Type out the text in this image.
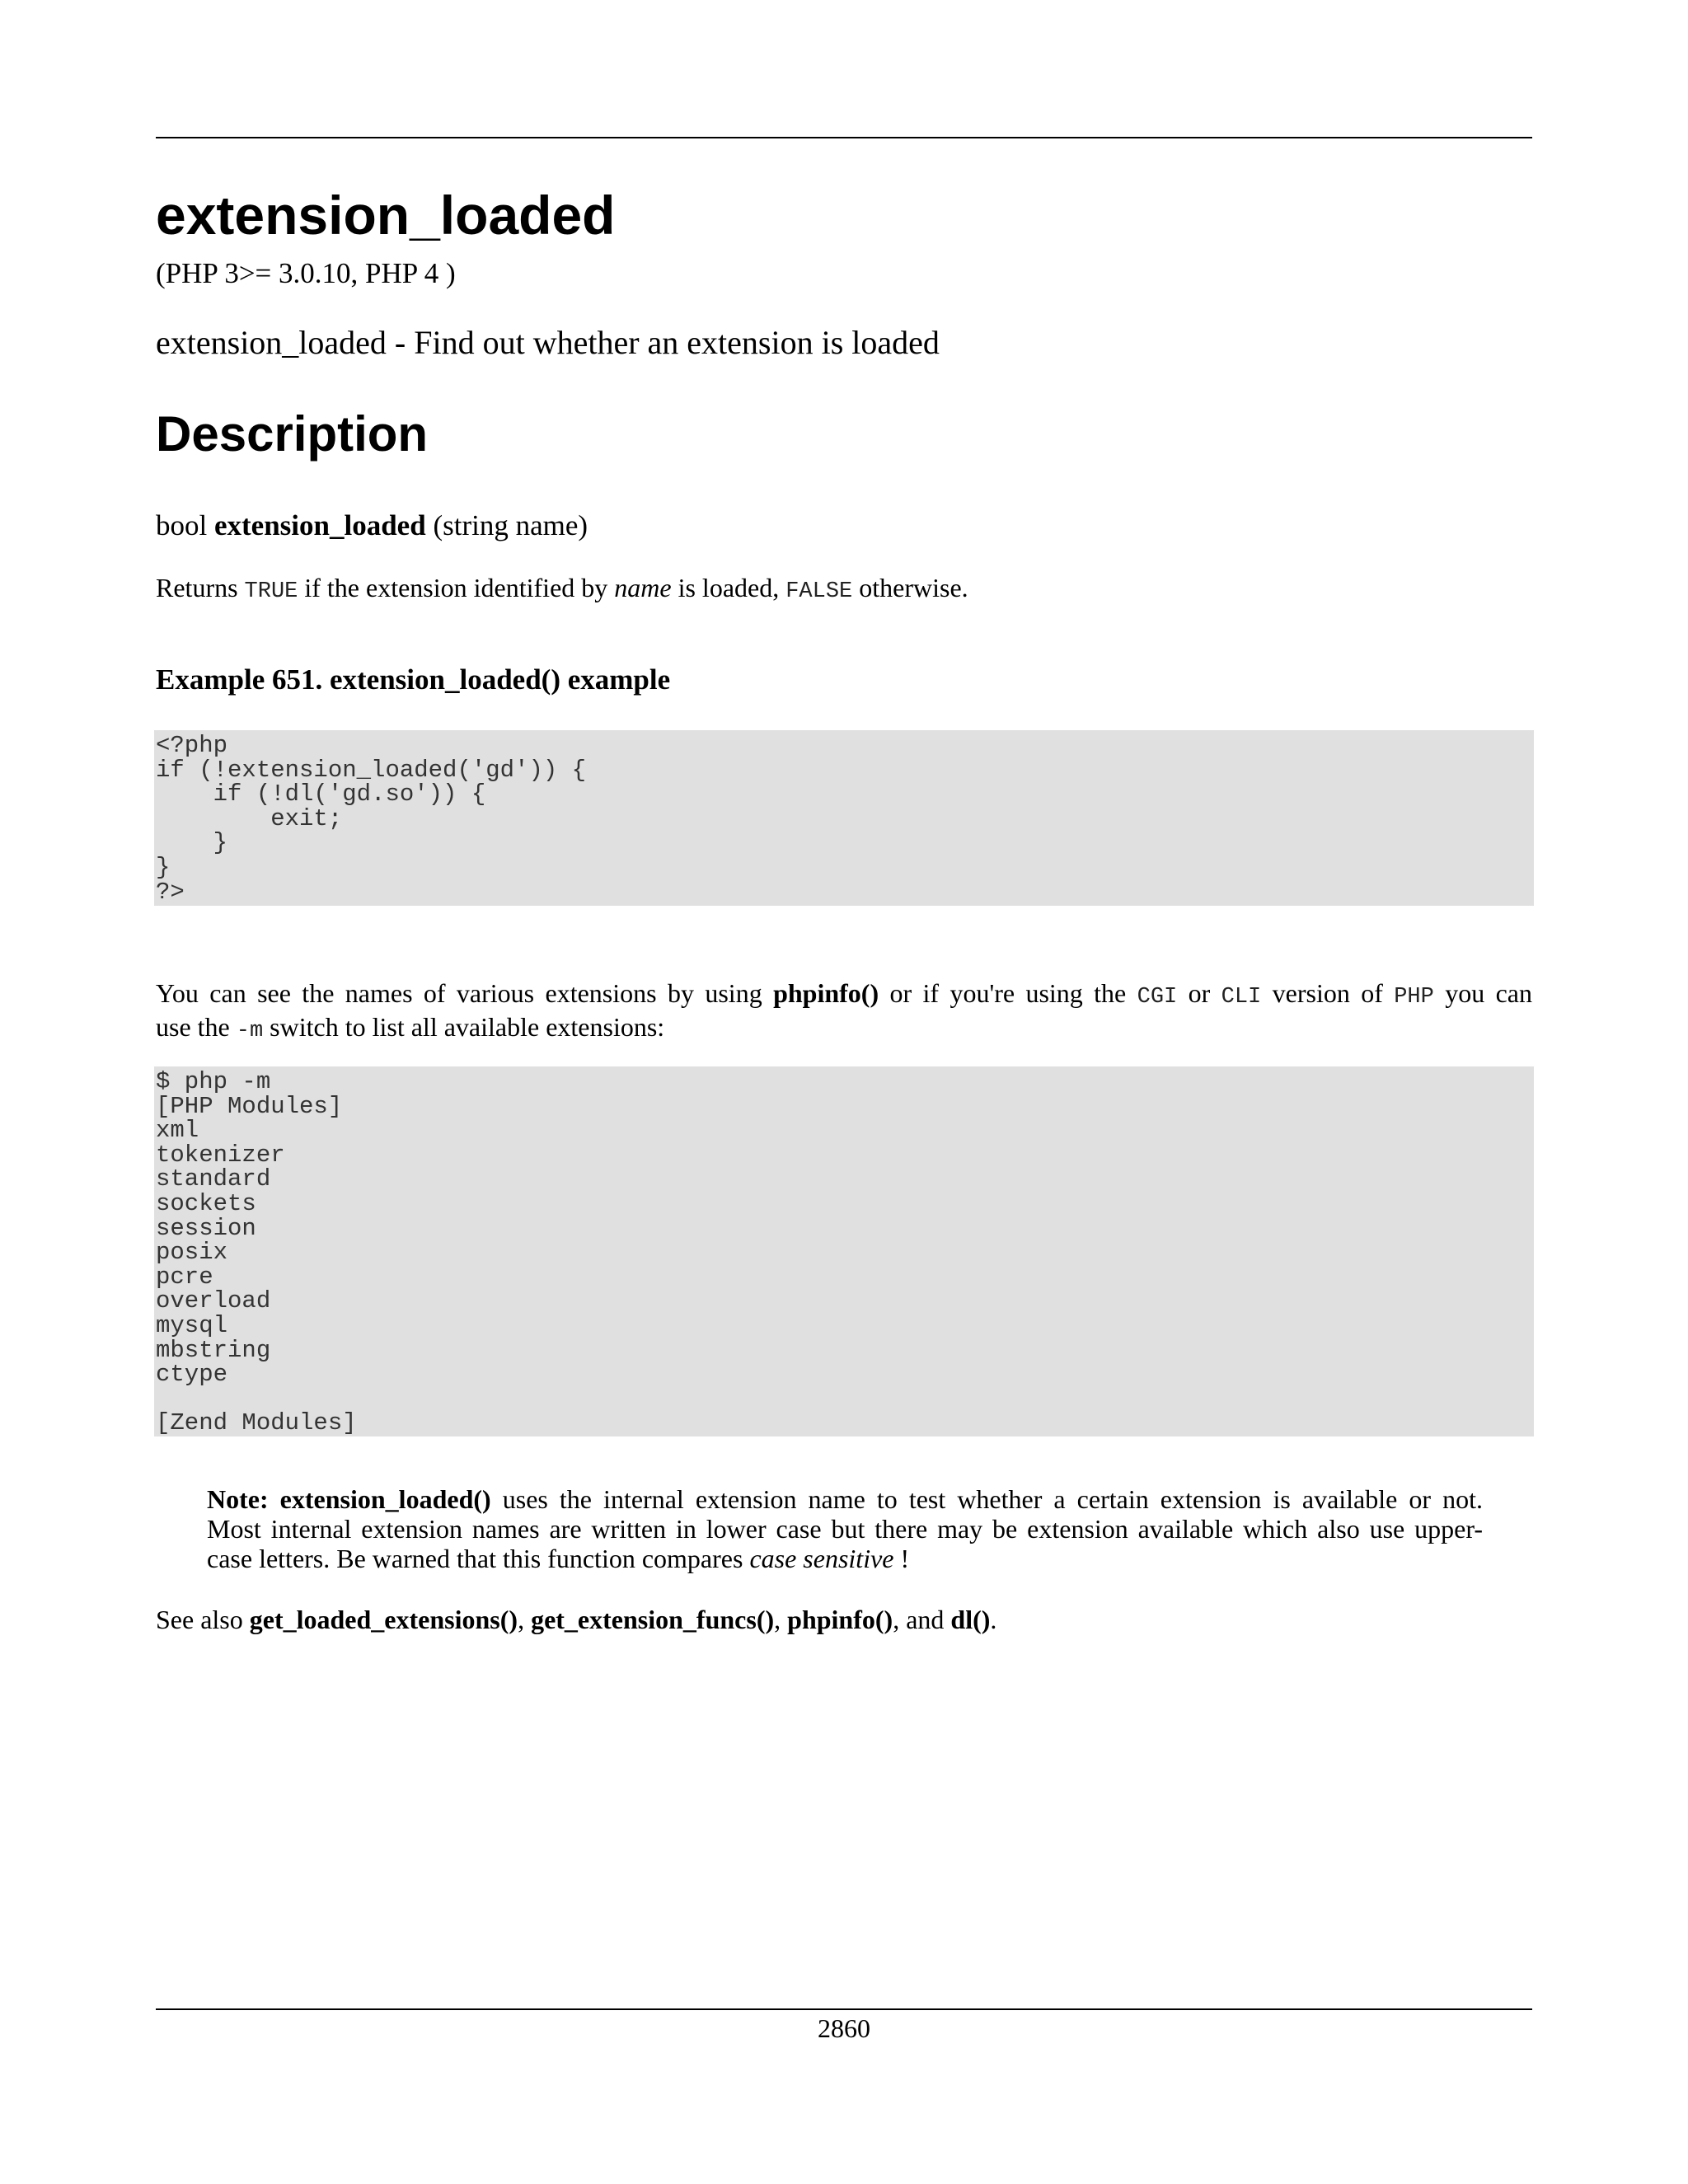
extension_loaded
(PHP 3>= 3.0.10, PHP 4 )
extension_loaded - Find out whether an extension is loaded
Description
bool extension_loaded (string name)
Returns TRUE if the extension identified by name is loaded, FALSE otherwise.
Example 651. extension_loaded() example
<?php
if (!extension_loaded('gd')) {
if (!dl('gd.so')) {
exit;
}
}
?>
You can see the names of various extensions by using phpinfo() or if you're using the CGI or CLI version of PHP you can
use the -m switch to list all available extensions:
$ php -m
[PHP Modules]
xml
tokenizer
standard
sockets
session
posix
pcre
overload
mysql
mbstring
ctype

[Zend Modules]
Note: extension_loaded() uses the internal extension name to test whether a certain extension is available or not.
Most internal extension names are written in lower case but there may be extension available which also use upper-
case letters. Be warned that this function compares case sensitive !
See also get_loaded_extensions(), get_extension_funcs(), phpinfo(), and dl().
2860
